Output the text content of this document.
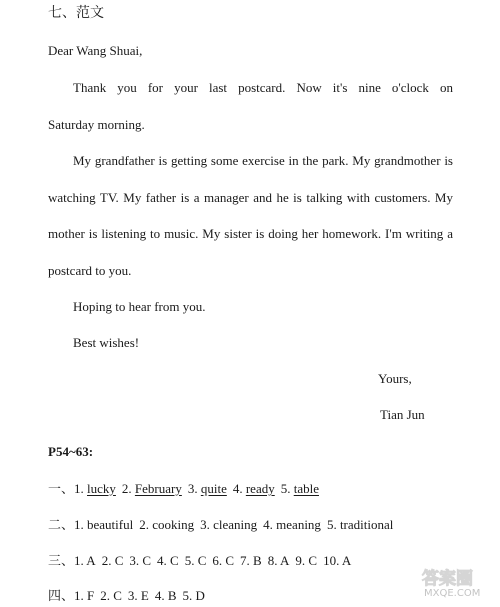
七、范文
Dear Wang Shuai,
Thank you for your last postcard. Now it's nine o'clock on
Saturday morning.
My grandfather is getting some exercise in the park. My grandmother is
watching TV. My father is a manager and he is talking with customers. My
mother is listening to music. My sister is doing her homework. I'm writing a
postcard to you.
Hoping to hear from you.
Best wishes!
Yours,
Tian Jun
P54~63:
一、1. lucky 2. February 3. quite 4. ready 5. table
二、1. beautiful 2. cooking 3. cleaning 4. meaning 5. traditional
三、1. A 2. C 3. C 4. C 5. C 6. C 7. B 8. A 9. C 10. A
四、1. F 2. C 3. E 4. B 5. D
答案圈
MXQE.COM
